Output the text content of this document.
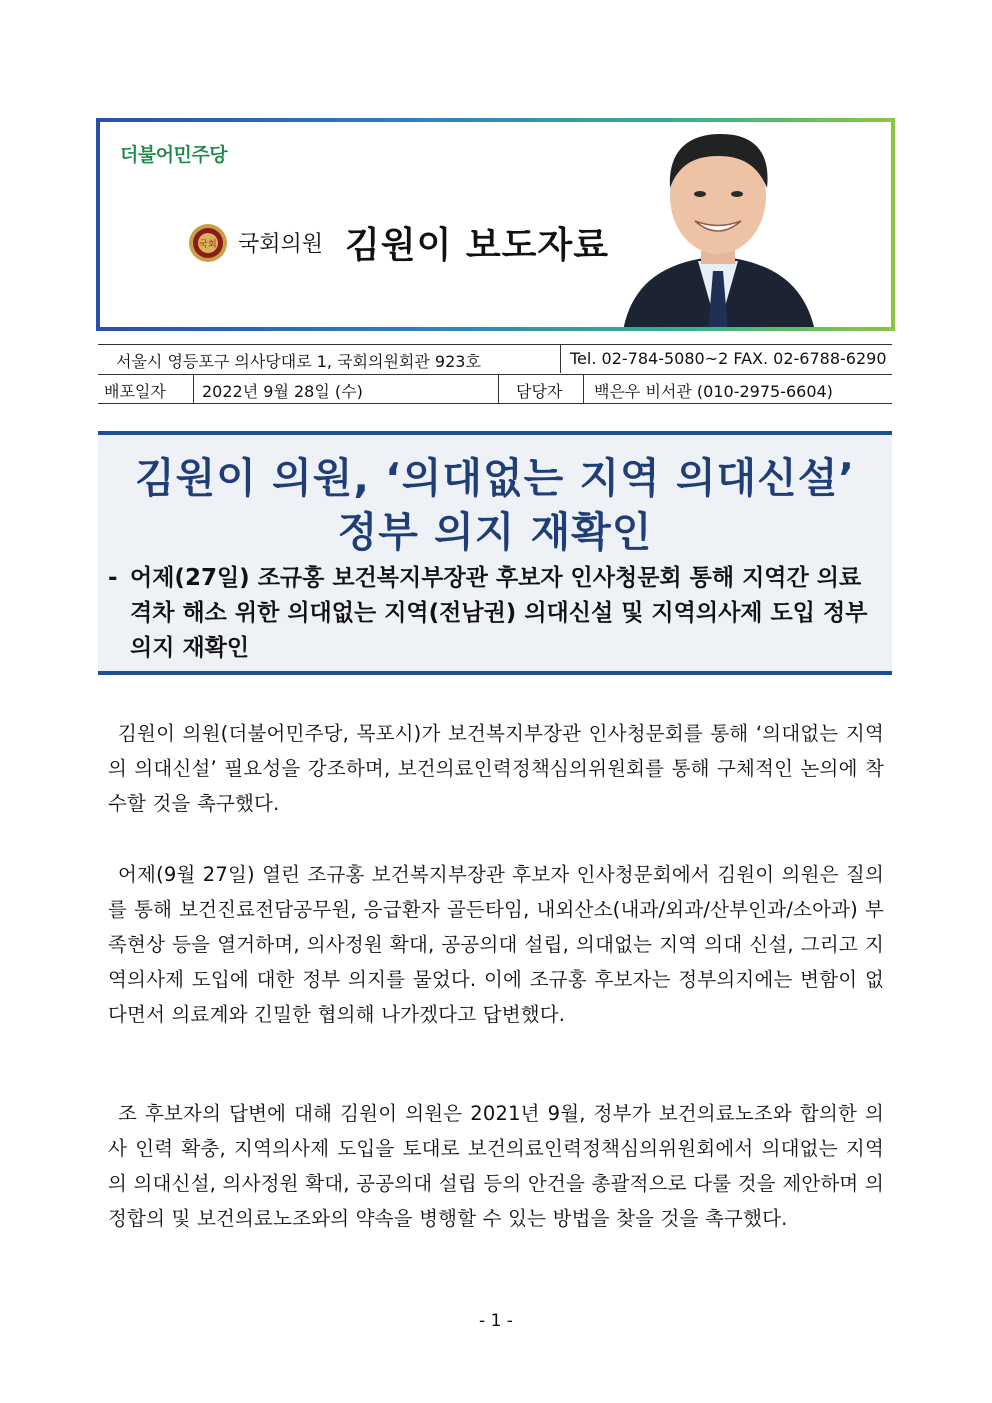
더불어민주당
국회 국회의원 김원이 보도자료
서울시 영등포구 의사당대로 1, 국회의원회관 923호	Tel. 02-784-5080~2 FAX. 02-6788-6290
배포일자 2022년 9월 28일 (수)	담당자 백은우 비서관 (010-2975-6604)
김원이 의원, ‘의대없는 지역 의대신설’
정부 의지 재확인
- 어제(27일) 조규홍 보건복지부장관 후보자 인사청문회 통해 지역간 의료격차 해소 위한 의대없는 지역(전남권) 의대신설 및 지역의사제 도입 정부의지 재확인
김원이 의원(더불어민주당, 목포시)가 보건복지부장관 인사청문회를 통해 ‘의대없는 지역의 의대신설’ 필요성을 강조하며, 보건의료인력정책심의위원회를 통해 구체적인 논의에 착수할 것을 촉구했다.
어제(9월 27일) 열린 조규홍 보건복지부장관 후보자 인사청문회에서 김원이 의원은 질의를 통해 보건진료전담공무원, 응급환자 골든타임, 내외산소(내과/외과/산부인과/소아과) 부족현상 등을 열거하며, 의사정원 확대, 공공의대 설립, 의대없는 지역 의대 신설, 그리고 지역의사제 도입에 대한 정부 의지를 물었다. 이에 조규홍 후보자는 정부의지에는 변함이 없다면서 의료계와 긴밀한 협의해 나가겠다고 답변했다.
조 후보자의 답변에 대해 김원이 의원은 2021년 9월, 정부가 보건의료노조와 합의한 의사 인력 확충, 지역의사제 도입을 토대로 보건의료인력정책심의위원회에서 의대없는 지역의 의대신설, 의사정원 확대, 공공의대 설립 등의 안건을 총괄적으로 다룰 것을 제안하며 의정합의 및 보건의료노조와의 약속을 병행할 수 있는 방법을 찾을 것을 촉구했다.
- 1 -
